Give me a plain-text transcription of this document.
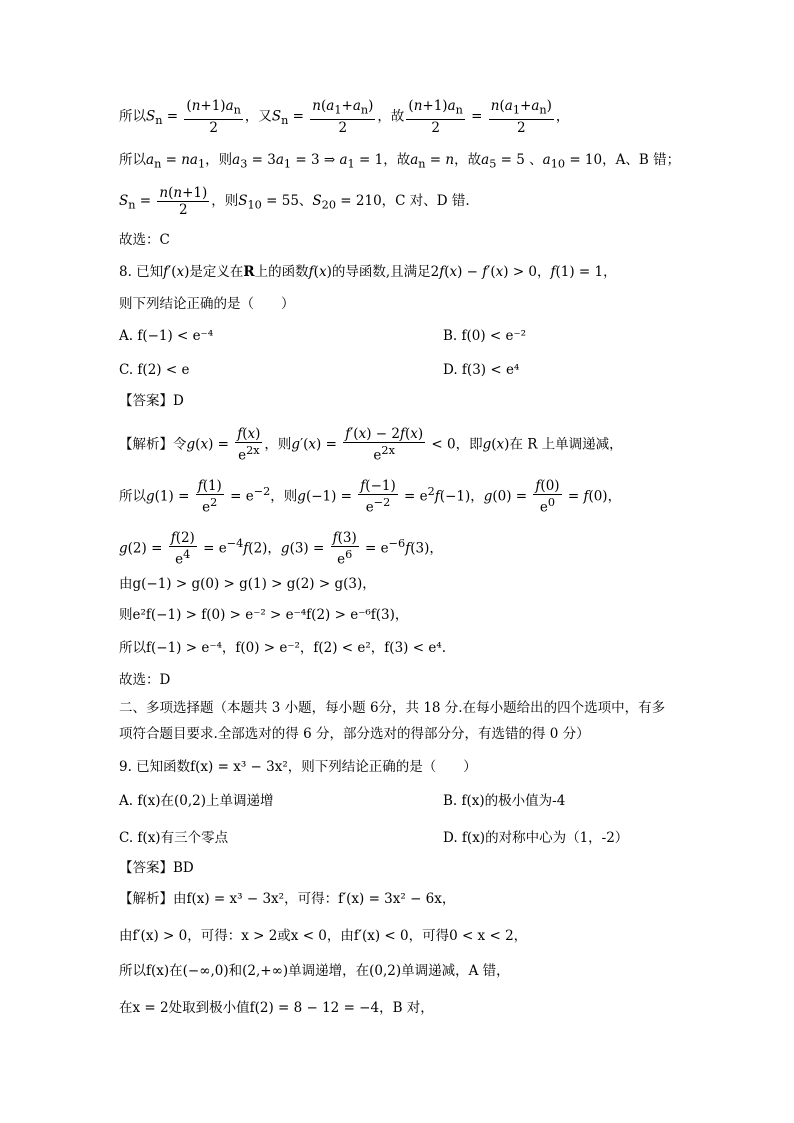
所以$S_n = \frac{(n+1)a_n}{2}$ ，又$S_n = \frac{n(a_1+a_n)}{2}$ ，故 $\frac{(n+1)a_n}{2} = \frac{n(a_1+a_n)}{2}$ ，
所以$a_n = na_1$，则$a_3 = 3a_1 = 3$ ⇒ $a_1 = 1$，故$a_n = n$，故$a_5 = 5$ 、$a_{10} = 10$，A、B 错；
$S_n = \frac{n(n+1)}{2}$ ，则$S_{10} = 55$、$S_{20} = 210$，C 对、D 错.
故选：C
8. 已知f′(x)是定义在R上的函数f(x)的导函数,且满足2f(x) − f′(x) > 0，f(1) = 1，
则下列结论正确的是（　　）
A. f(−1) < e⁻⁴	B. f(0) < e⁻²
C. f(2) < e	D. f(3) < e⁴
【答案】D
【解析】令$g(x) = \frac{f(x)}{e^{2x}}$ ，则$g'(x) = \frac{f'(x) - 2f(x)}{e^{2x}} < 0$，即g(x)在 R 上单调递减，
所以$g(1) = \frac{f(1)}{e^2} = e^{-2}$，则$g(-1) = \frac{f(-1)}{e^{-2}} = e^2f(-1)$，$g(0) = \frac{f(0)}{e^0} = f(0)$，
$g(2) = \frac{f(2)}{e^4} = e^{-4}f(2)$，$g(3) = \frac{f(3)}{e^6} = e^{-6}f(3)$，
由g(−1) > g(0) > g(1) > g(2) > g(3)，
则e²f(−1) > f(0) > e⁻² > e⁻⁴f(2) > e⁻⁶f(3)，
所以f(−1) > e⁻⁴，f(0) > e⁻²，f(2) < e²，f(3) < e⁴.
故选：D
二、多项选择题（本题共 3 小题，每小题 6分，共 18 分.在每小题给出的四个选项中，有多
项符合题目要求.全部选对的得 6 分，部分选对的得部分分，有选错的得 0 分）
9. 已知函数f(x) = x³ − 3x²，则下列结论正确的是（　　）
A. f(x)在(0,2)上单调递增	B. f(x)的极小值为-4
C. f(x)有三个零点	D. f(x)的对称中心为（1，-2）
【答案】BD
【解析】由f(x) = x³ − 3x²，可得：f′(x) = 3x² − 6x，
由f′(x) > 0，可得：x > 2或x < 0，由f′(x) < 0，可得0 < x < 2，
所以f(x)在(−∞,0)和(2,+∞)单调递增，在(0,2)单调递减，A 错，
在x = 2处取到极小值f(2) = 8 − 12 = −4，B 对，
